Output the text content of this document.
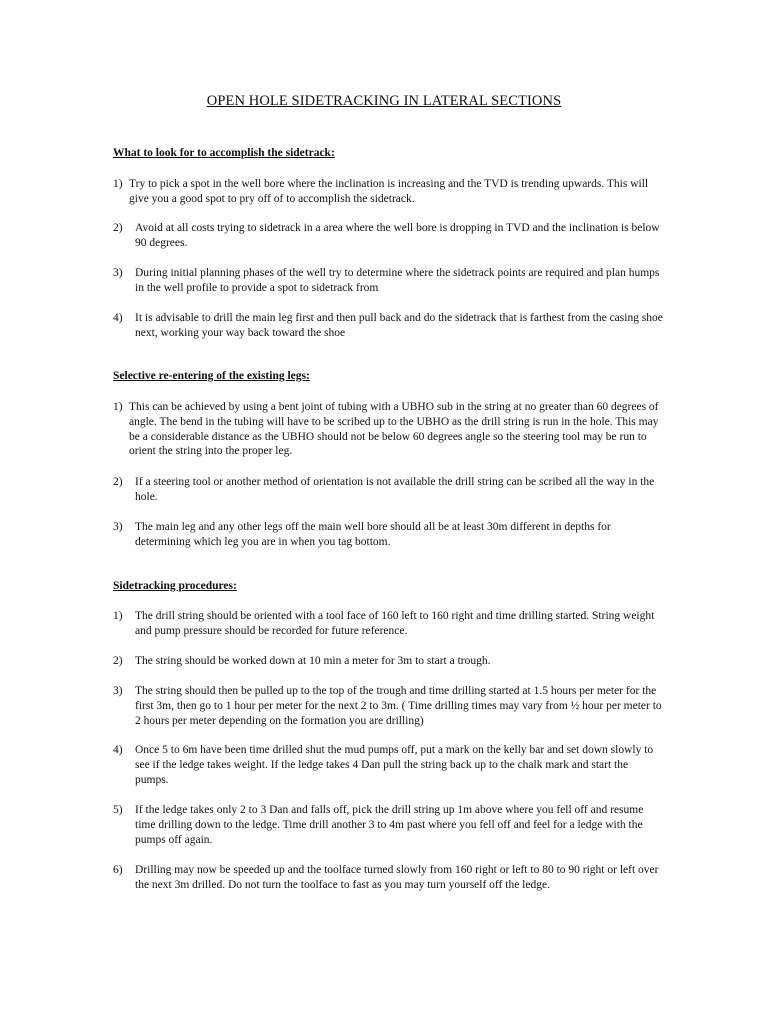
OPEN HOLE SIDETRACKING IN LATERAL SECTIONS
What to look for to accomplish the sidetrack:
1) Try to pick a spot in the well bore where the inclination is increasing and the TVD is trending upwards. This will give you a good spot to pry off of to accomplish the sidetrack.
2)	Avoid at all costs trying to sidetrack in a area where the well bore is dropping in TVD and the inclination is below 90 degrees.
3)	During initial planning phases of the well try to determine where the sidetrack points are required and plan humps in the well profile to provide a spot to sidetrack from
4)	It is advisable to drill the main leg first and then pull back and do the sidetrack that is farthest from the casing shoe next, working your way back toward the shoe
Selective re-entering of the existing legs:
1) This can be achieved by using a bent joint of tubing with a UBHO sub in the string at no greater than 60 degrees of angle. The bend in the tubing will have to be scribed up to the UBHO as the drill string is run in the hole. This may be a considerable distance as the UBHO should not be below 60 degrees angle so the steering tool may be run to orient the string into the proper leg.
2)	If a steering tool or another method of orientation is not available the drill string can be scribed all the way in the hole.
3)	The main leg and any other legs off the main well bore should all be at least 30m different in depths for determining which leg you are in when you tag bottom.
Sidetracking procedures:
1)	The drill string should be oriented with a tool face of 160 left to 160 right and time drilling started. String weight and pump pressure should be recorded for future reference.
2)	The string should be worked down at 10 min a meter for 3m to start a trough.
3)	The string should then be pulled up to the top of the trough and time drilling started at 1.5 hours per meter for the first 3m, then go to 1 hour per meter for the next 2 to 3m. ( Time drilling times may vary from ½ hour per meter to 2 hours per meter depending on the formation you are drilling)
4)	Once 5 to 6m have been time drilled shut the mud pumps off, put a mark on the kelly bar and set down slowly to see if the ledge takes weight. If the ledge takes 4 Dan pull the string back up to the chalk mark and start the pumps.
5)	If the ledge takes only 2 to 3 Dan and falls off, pick the drill string up 1m above where you fell off and resume time drilling down to the ledge. Time drill another 3 to 4m past where you fell off and feel for a ledge with the pumps off again.
6)	Drilling may now be speeded up and the toolface turned slowly from 160 right or left to 80 to 90 right or left over the next 3m drilled. Do not turn the toolface to fast as you may turn yourself off the ledge.
